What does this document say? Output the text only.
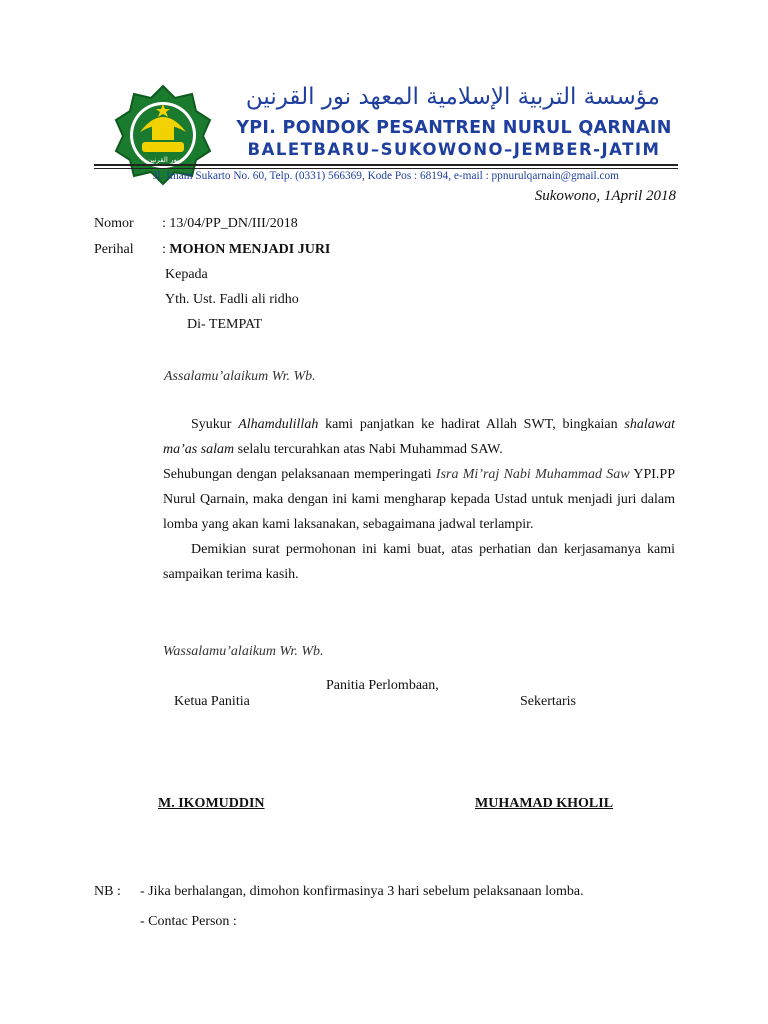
نور القرنين
مؤسسة التربية الإسلامية المعهد نور القرنين
YPI. PONDOK PESANTREN NURUL QARNAIN
BALETBARU–SUKOWONO–JEMBER-JATIM
Jl. Imam Sukarto No. 60, Telp. (0331) 566369, Kode Pos : 68194, e-mail : ppnurulqarnain@gmail.com
Sukowono, 1April 2018
Nomor : 13/04/PP_DN/III/2018
Perihal : MOHON MENJADI JURI
Kepada
Yth. Ust. Fadli ali ridho
Di- TEMPAT
Assalamu’alaikum Wr. Wb.

Syukur Alhamdulillah kami panjatkan ke hadirat Allah SWT, bingkaian shalawat ma’as salam selalu tercurahkan atas Nabi Muhammad SAW.

Sehubungan dengan pelaksanaan memperingati Isra Mi’raj Nabi Muhammad Saw YPI.PP Nurul Qarnain, maka dengan ini kami mengharap kepada Ustad untuk menjadi juri dalam lomba yang akan kami laksanakan, sebagaimana jadwal terlampir.

Demikian surat permohonan ini kami buat, atas perhatian dan kerjasamanya kami sampaikan terima kasih.

Wassalamu’alaikum Wr. Wb.
Panitia Perlombaan,
Ketua Panitia	Sekertaris
M. IKOMUDDIN	MUHAMAD KHOLIL
NB : - Jika berhalangan, dimohon konfirmasinya 3 hari sebelum pelaksanaan lomba.
- Contac Person :
